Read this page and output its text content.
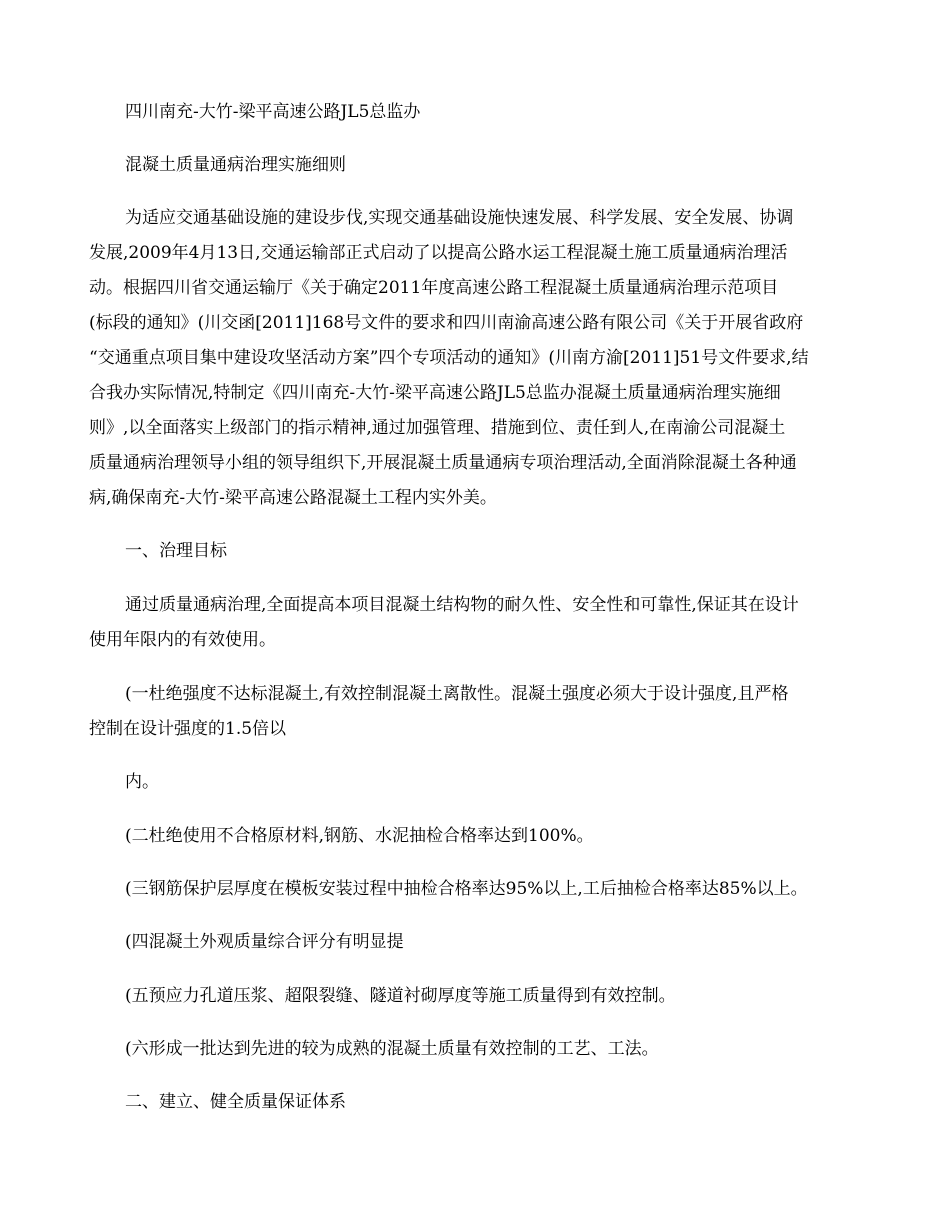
四川南充-大竹-梁平高速公路JL5总监办

混凝土质量通病治理实施细则

为适应交通基础设施的建设步伐,实现交通基础设施快速发展、科学发展、安全发展、协调

发展,2009年4月13日,交通运输部正式启动了以提高公路水运工程混凝土施工质量通病治理活

动。根据四川省交通运输厅《关于确定2011年度高速公路工程混凝土质量通病治理示范项目

(标段的通知》(川交函[2011]168号文件的要求和四川南渝高速公路有限公司《关于开展省政府

“交通重点项目集中建设攻坚活动方案”四个专项活动的通知》(川南方渝[2011]51号文件要求,结

合我办实际情况,特制定《四川南充-大竹-梁平高速公路JL5总监办混凝土质量通病治理实施细

则》,以全面落实上级部门的指示精神,通过加强管理、措施到位、责任到人,在南渝公司混凝土

质量通病治理领导小组的领导组织下,开展混凝土质量通病专项治理活动,全面消除混凝土各种通

病,确保南充-大竹-梁平高速公路混凝土工程内实外美。

一、治理目标

通过质量通病治理,全面提高本项目混凝土结构物的耐久性、安全性和可靠性,保证其在设计

使用年限内的有效使用。

(一杜绝强度不达标混凝土,有效控制混凝土离散性。混凝土强度必须大于设计强度,且严格

控制在设计强度的1.5倍以

内。

(二杜绝使用不合格原材料,钢筋、水泥抽检合格率达到100%。

(三钢筋保护层厚度在模板安装过程中抽检合格率达95%以上,工后抽检合格率达85%以上。

(四混凝土外观质量综合评分有明显提

(五预应力孔道压浆、超限裂缝、隧道衬砌厚度等施工质量得到有效控制。

(六形成一批达到先进的较为成熟的混凝土质量有效控制的工艺、工法。

二、建立、健全质量保证体系
